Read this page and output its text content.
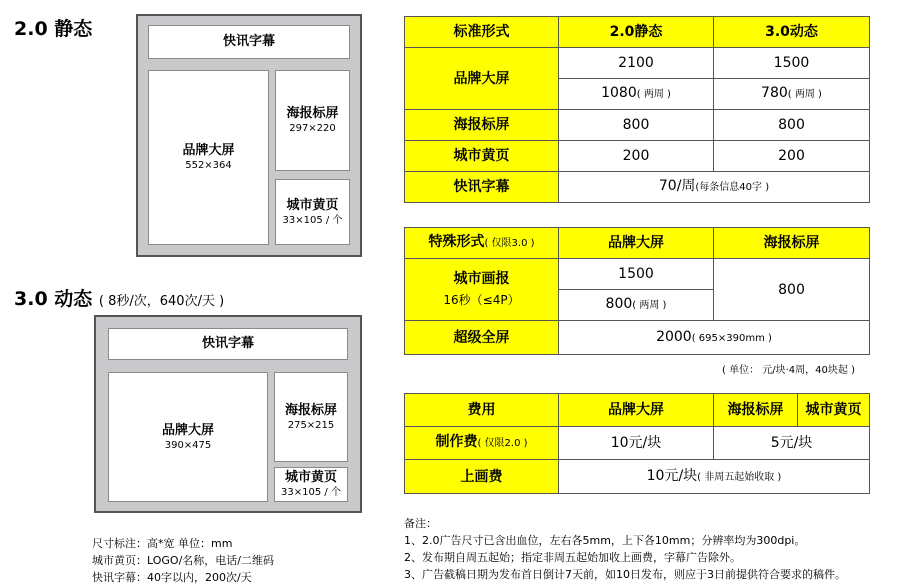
2.0 静态
快讯字幕
品牌大屏
552×364
海报标屏
297×220
城市黄页
33×105 / 个
3.0 动态 ( 8秒/次，640次/天 )
快讯字幕
品牌大屏
390×475
海报标屏
275×215
城市黄页
33×105 / 个
尺寸标注：高*宽 单位：mm
城市黄页：LOGO/名称，电话/二维码
快讯字幕：40字以内，200次/天
标准形式	2.0静态	3.0动态
品牌大屏	2100	1500
	1080( 两周 )	780( 两周 )
海报标屏	800	800
城市黄页	200	200
快讯字幕	70/周(每条信息40字 )	
特殊形式( 仅限3.0 )	品牌大屏	海报标屏

城市画报
16秒（≤4P）	1500	800
	800( 两周 )	
超级全屏	2000( 695×390mm )	
( 单位： 元/块·4周，40块起 )
费用	品牌大屏	海报标屏	城市黄页
制作费( 仅限2.0 )	10元/块	5元/块	
上画费	10元/块( 非周五起始收取 )		
备注：
1、2.0广告尺寸已含出血位，左右各5mm，上下各10mm；分辨率均为300dpi。
2、发布期自周五起始；指定非周五起始加收上画费，字幕广告除外。
3、广告截稿日期为发布首日倒计7天前，如10日发布，则应于3日前提供符合要求的稿件。
